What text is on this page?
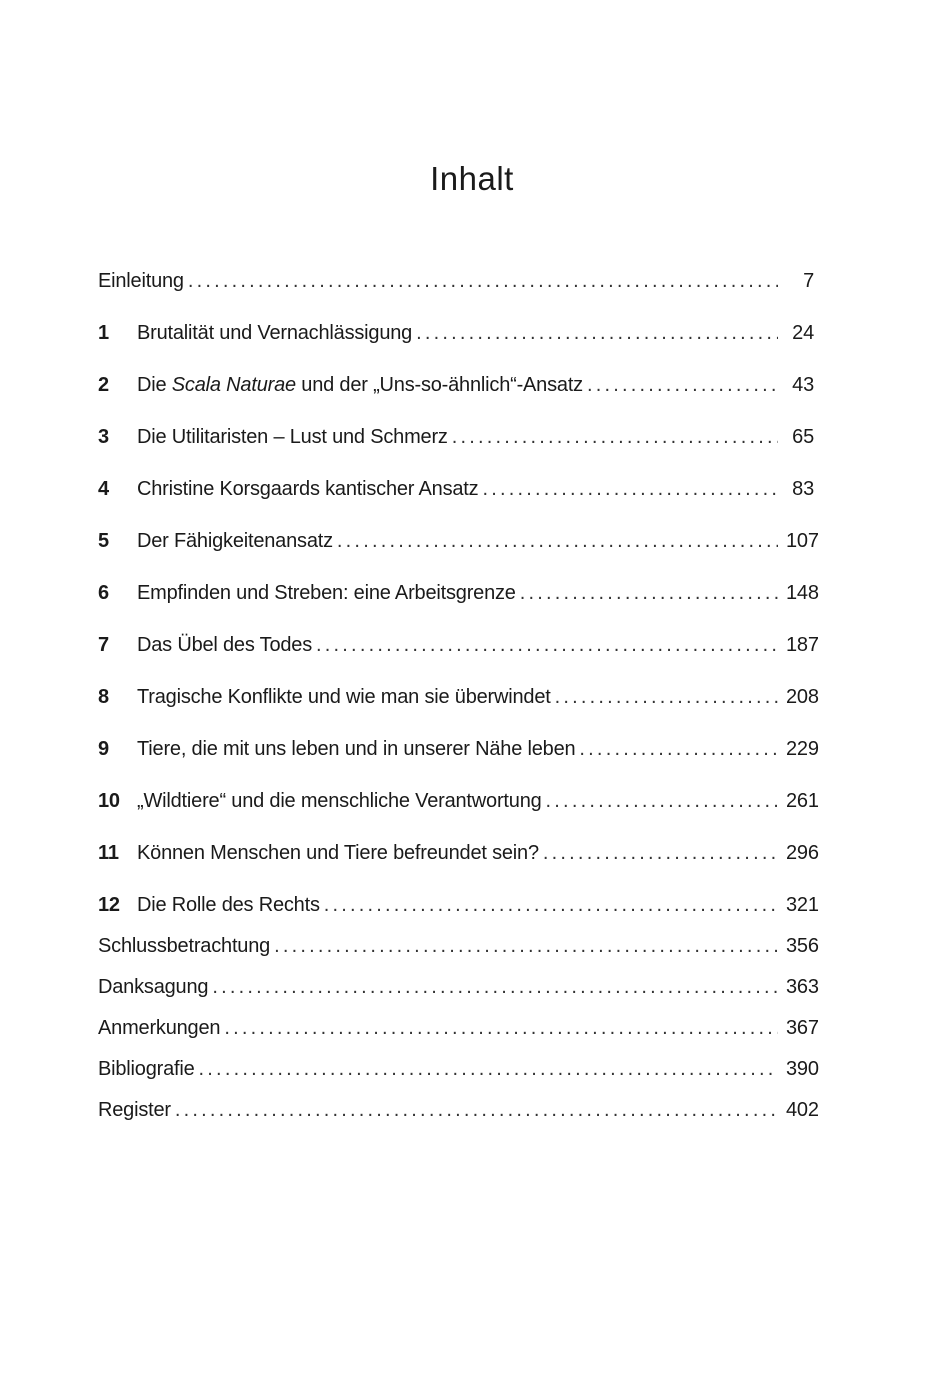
Inhalt
Einleitung .....	7
1	Brutalität und Vernachlässigung .....	24
2	Die Scala Naturae und der „Uns-so-ähnlich“-Ansatz .....	43
3	Die Utilitaristen – Lust und Schmerz .....	65
4	Christine Korsgaards kantischer Ansatz .....	83
5	Der Fähigkeitenansatz .....	107
6	Empfinden und Streben: eine Arbeitsgrenze .....	148
7	Das Übel des Todes .....	187
8	Tragische Konflikte und wie man sie überwindet .....	208
9	Tiere, die mit uns leben und in unserer Nähe leben .....	229
10 „Wildtiere“ und die menschliche Verantwortung .....	261
11 Können Menschen und Tiere befreundet sein? .....	296
12 Die Rolle des Rechts .....	321
Schlussbetrachtung .....	356
Danksagung .....	363
Anmerkungen .....	367
Bibliografie .....	390
Register .....	402
